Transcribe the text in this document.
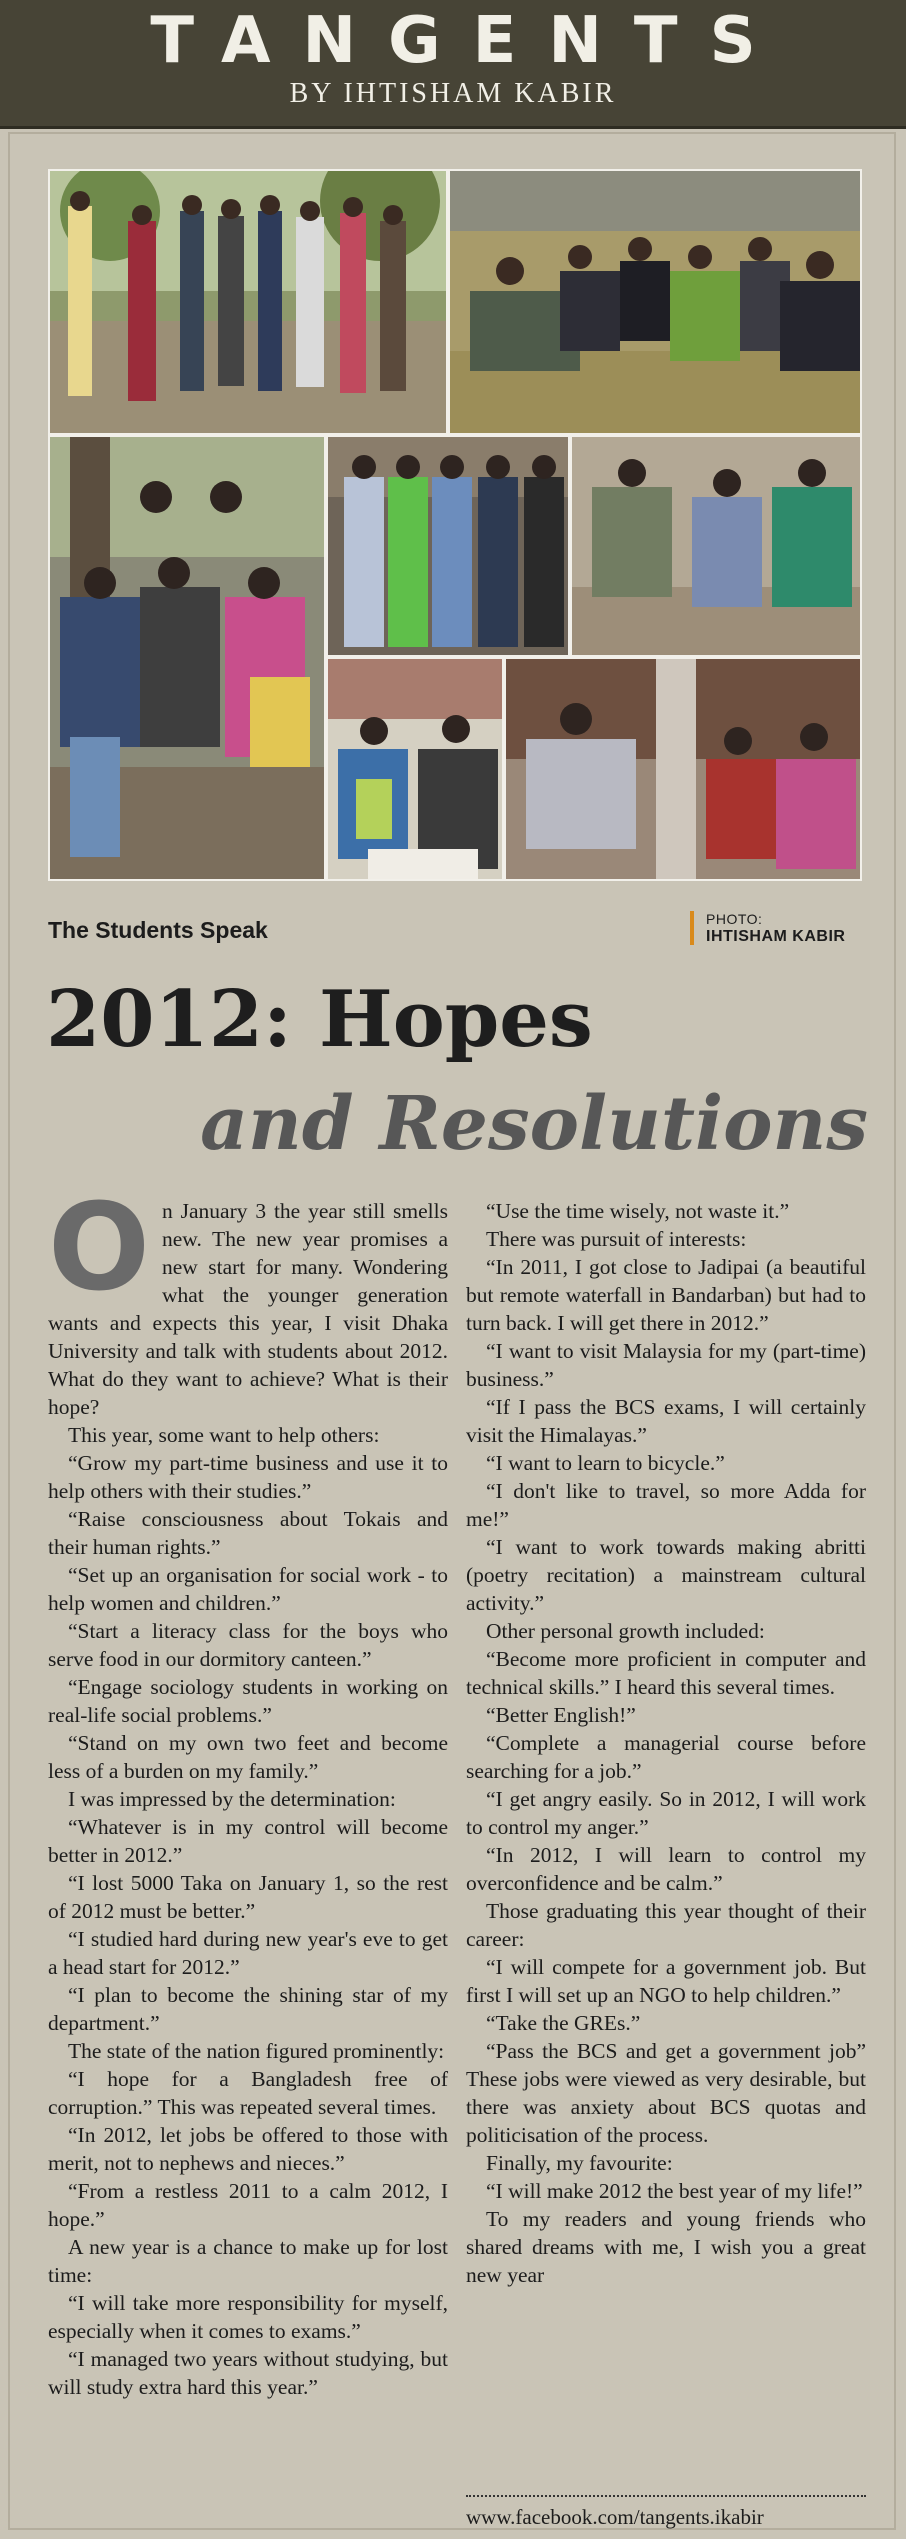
TANGENTS
BY IHTISHAM KABIR
The Students Speak	PHOTO:
IHTISHAM KABIR
2012: Hopes
and Resolutions
O n January 3 the year still smells new. The new year promises a new start for many. Wondering what the younger generation wants and expects this year, I visit Dhaka University and talk with students about 2012. What do they want to achieve? What is their hope?

This year, some want to help others:

“Grow my part-time business and use it to help others with their studies.”

“Raise consciousness about Tokais and their human rights.”

“Set up an organisation for social work - to help women and children.”

“Start a literacy class for the boys who serve food in our dormitory canteen.”

“Engage sociology students in working on real-life social problems.”

“Stand on my own two feet and become less of a burden on my family.”

I was impressed by the determination:

“Whatever is in my control will become better in 2012.”

“I lost 5000 Taka on January 1, so the rest of 2012 must be better.”

“I studied hard during new year's eve to get a head start for 2012.”

“I plan to become the shining star of my department.”

The state of the nation figured prominently:

“I hope for a Bangladesh free of corruption.” This was repeated several times.

“In 2012, let jobs be offered to those with merit, not to nephews and nieces.”

“From a restless 2011 to a calm 2012, I hope.”

A new year is a chance to make up for lost time:

“I will take more responsibility for myself, especially when it comes to exams.”

“I managed two years without studying, but will study extra hard this year.”

“Use the time wisely, not waste it.”

There was pursuit of interests:

“In 2011, I got close to Jadipai (a beautiful but remote waterfall in Bandarban) but had to turn back. I will get there in 2012.”

“I want to visit Malaysia for my (part-time) business.”

“If I pass the BCS exams, I will certainly visit the Himalayas.”

“I want to learn to bicycle.”

“I don't like to travel, so more Adda for me!”

“I want to work towards making abritti (poetry recitation) a mainstream cultural activity.”

Other personal growth included:

“Become more proficient in computer and technical skills.” I heard this several times.

“Better English!”

“Complete a managerial course before searching for a job.”

“I get angry easily. So in 2012, I will work to control my anger.”

“In 2012, I will learn to control my overconfidence and be calm.”

Those graduating this year thought of their career:

“I will compete for a government job. But first I will set up an NGO to help children.”

“Take the GREs.”

“Pass the BCS and get a government job” These jobs were viewed as very desirable, but there was anxiety about BCS quotas and politicisation of the process.

Finally, my favourite:

“I will make 2012 the best year of my life!”

To my readers and young friends who shared dreams with me, I wish you a great new year

www.facebook.com/tangents.ikabir
